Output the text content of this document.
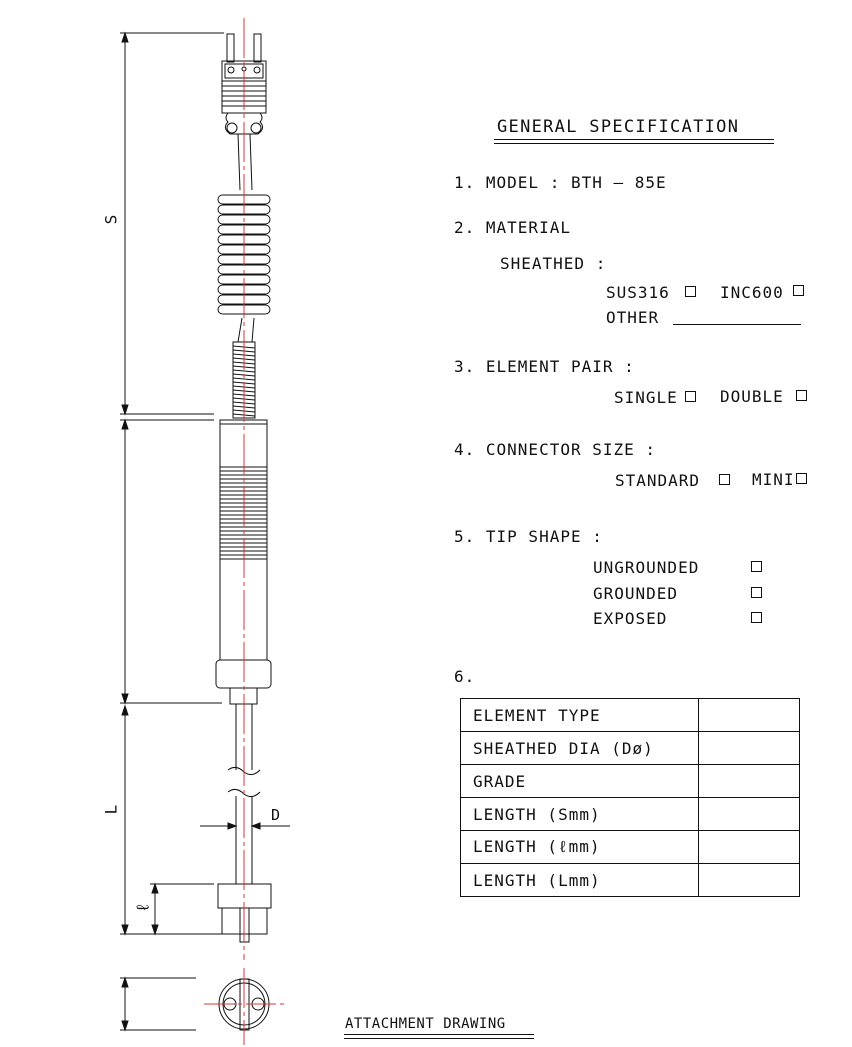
S
L	D
ℓ
GENERAL SPECIFICATION
1. MODEL : BTH – 85E
2. MATERIAL
SHEATHED :
SUS316	INC600
OTHER
3. ELEMENT PAIR :
SINGLE	DOUBLE
4. CONNECTOR SIZE :
STANDARD	MINI
5. TIP SHAPE :
UNGROUNDED
GROUNDED
EXPOSED
6.
ELEMENT TYPE	
SHEATHED DIA (Dø)	
GRADE	
LENGTH (Smm)	
LENGTH (ℓmm)	
LENGTH (Lmm)	
ATTACHMENT DRAWING
